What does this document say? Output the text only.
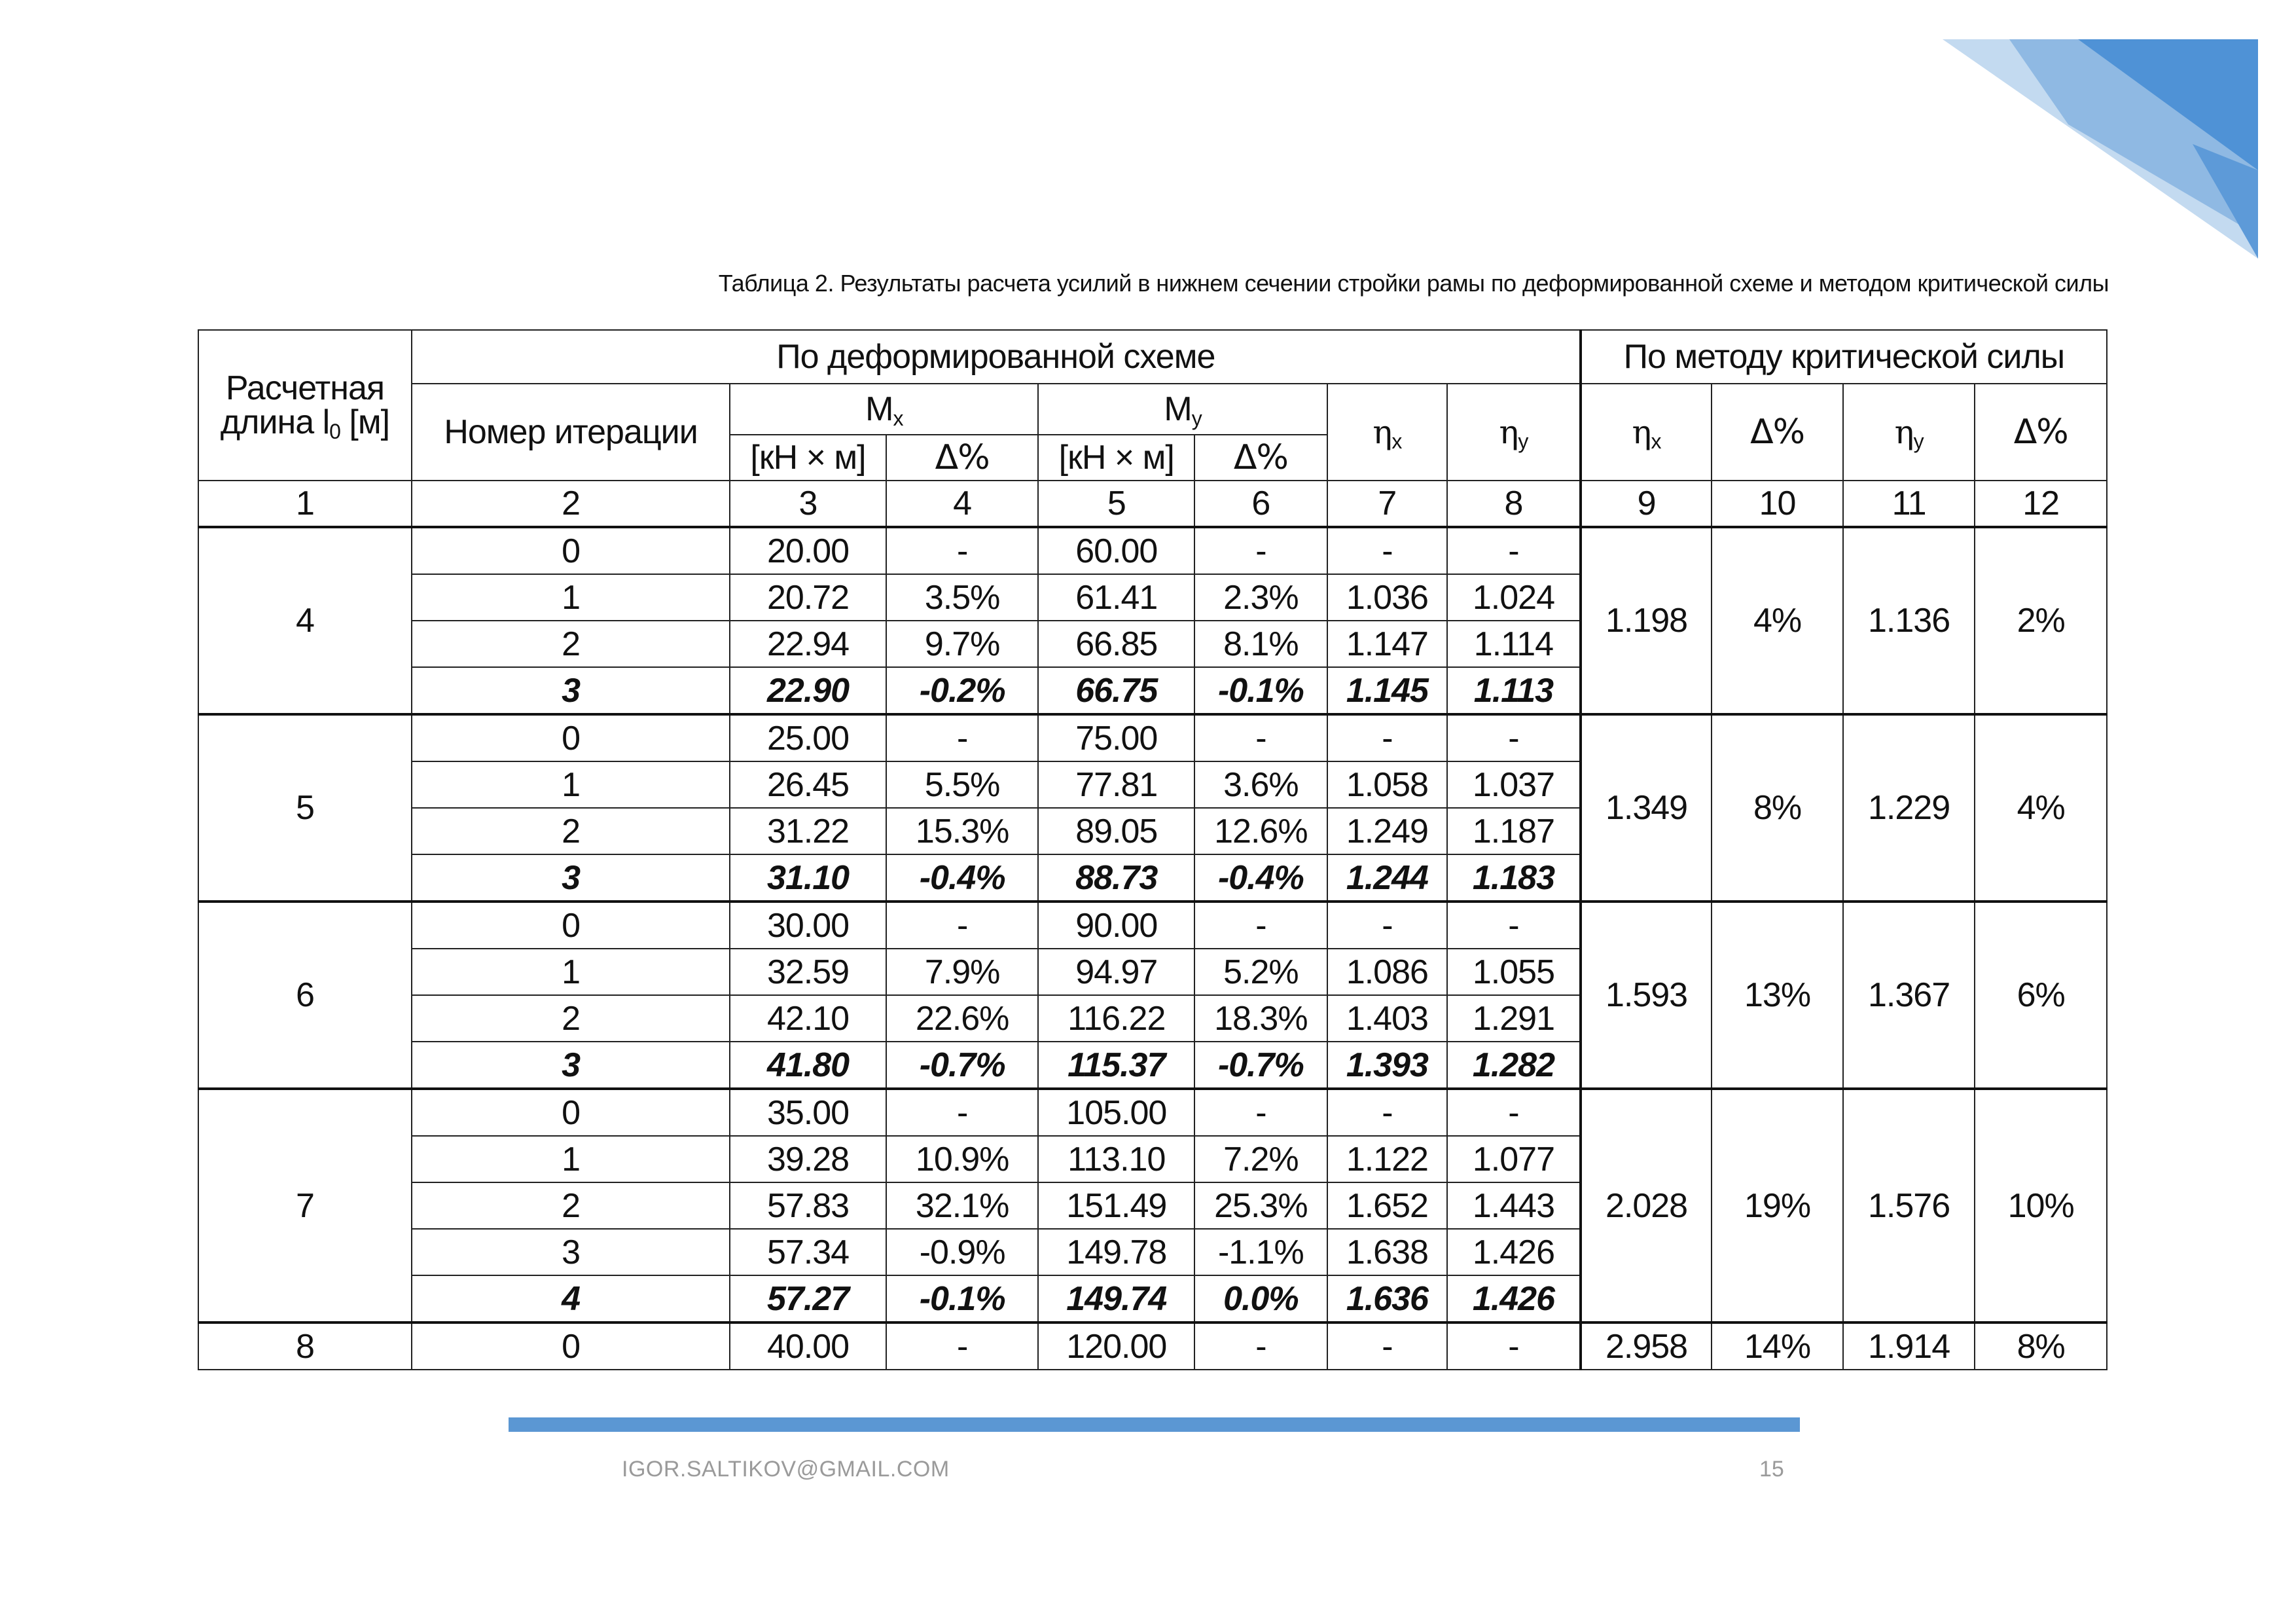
Таблица 2. Результаты расчета усилий в нижнем сечении стройки рамы по деформированной схеме и методом критической силы
Расчетная
длина l0 [м]	По деформированной схеме							По методу критической силы			
	Номер итерации	Mx		My		ηx	ηy	ηx	Δ%	ηy	Δ%
		[кН × м]	Δ%	[кН × м]	Δ%						
1	2	3	4	5	6	7	8	9	10	11	12
4	0	20.00	-	60.00	-	-	-	1.198	4%	1.136	2%
	1	20.72	3.5%	61.41	2.3%	1.036	1.024				
	2	22.94	9.7%	66.85	8.1%	1.147	1.114				
	3	22.90	-0.2%	66.75	-0.1%	1.145	1.113				
5	0	25.00	-	75.00	-	-	-	1.349	8%	1.229	4%
	1	26.45	5.5%	77.81	3.6%	1.058	1.037				
	2	31.22	15.3%	89.05	12.6%	1.249	1.187				
	3	31.10	-0.4%	88.73	-0.4%	1.244	1.183				
6	0	30.00	-	90.00	-	-	-	1.593	13%	1.367	6%
	1	32.59	7.9%	94.97	5.2%	1.086	1.055				
	2	42.10	22.6%	116.22	18.3%	1.403	1.291				
	3	41.80	-0.7%	115.37	-0.7%	1.393	1.282				
7	0	35.00	-	105.00	-	-	-	2.028	19%	1.576	10%
	1	39.28	10.9%	113.10	7.2%	1.122	1.077				
	2	57.83	32.1%	151.49	25.3%	1.652	1.443				
	3	57.34	-0.9%	149.78	-1.1%	1.638	1.426				
	4	57.27	-0.1%	149.74	0.0%	1.636	1.426				
8	0	40.00	-	120.00	-	-	-	2.958	14%	1.914	8%
IGOR.SALTIKOV@GMAIL.COM	15
